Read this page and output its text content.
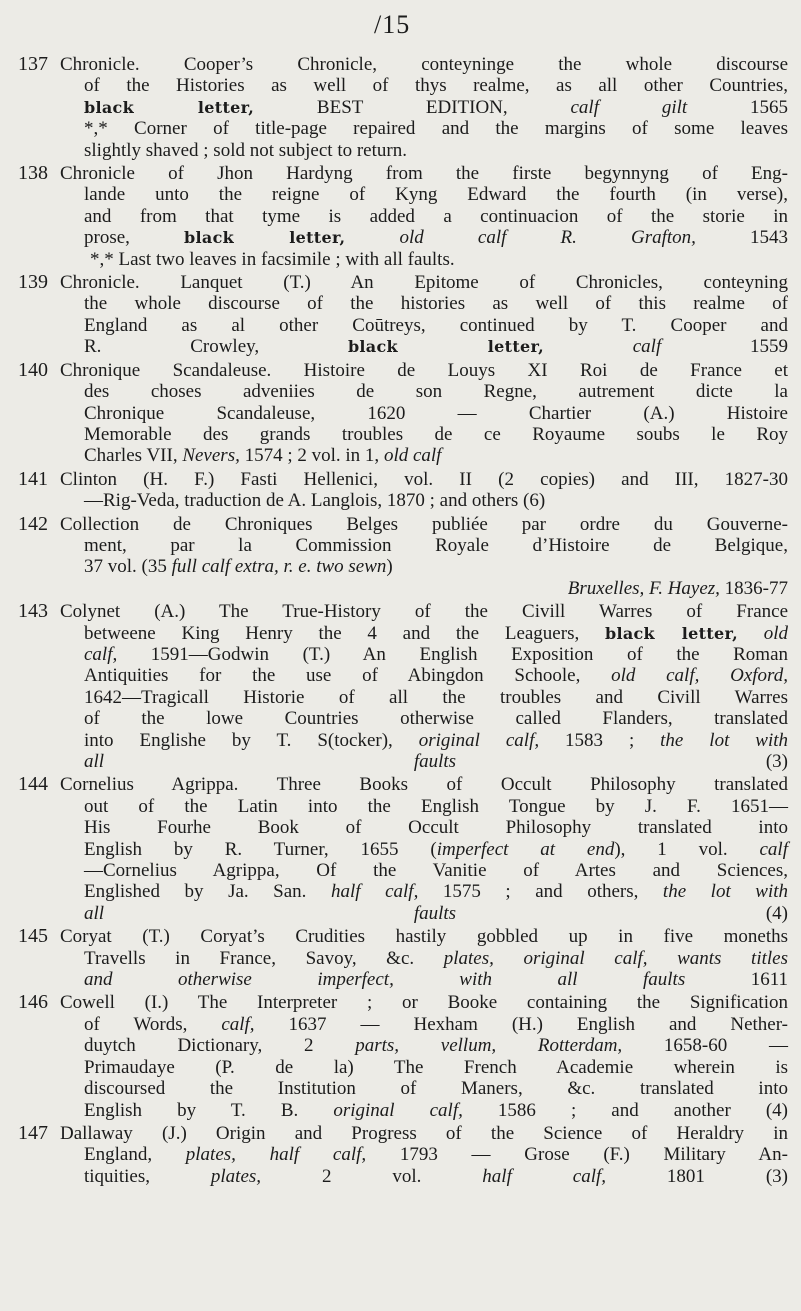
/15
137 Chronicle. Cooper’s Chronicle, conteyninge the whole discourse
of the Histories as well of thys realme, as all other Countries,
black letter, BEST EDITION, calf gilt 1565
*,* Corner of title-page repaired and the margins of some leaves
slightly shaved ; sold not subject to return.
138 Chronicle of Jhon Hardyng from the firste begynnyng of Eng-
lande unto the reigne of Kyng Edward the fourth (in verse),
and from that tyme is added a continuacion of the storie in
prose, black letter,	old calf	R. Grafton, 1543
*,* Last two leaves in facsimile ; with all faults.
139 Chronicle. Lanquet (T.) An Epitome of Chronicles, conteyning
the whole discourse of the histories as well of this realme of
England as al other Coūtreys, continued by T. Cooper and
R. Crowley, black letter,	calf 1559
140 Chronique Scandaleuse. Histoire de Louys XI Roi de France et
des choses adveniies de son Regne, autrement dicte la
Chronique Scandaleuse, 1620 — Chartier (A.) Histoire
Memorable des grands troubles de ce Royaume soubs le Roy
Charles VII, Nevers, 1574 ; 2 vol. in 1, old calf
141 Clinton (H. F.) Fasti Hellenici, vol. II (2 copies) and III, 1827-30
—Rig-Veda, traduction de A. Langlois, 1870 ; and others (6)
142 Collection de Chroniques Belges publiée par ordre du Gouverne-
ment, par la Commission Royale d’Histoire de Belgique,
37 vol. (35 full calf extra, r. e. two sewn)
Bruxelles, F. Hayez, 1836-77
143 Colynet (A.) The True-History of the Civill Warres of France
betweene King Henry the 4 and the Leaguers, black letter, old
calf, 1591—Godwin (T.) An English Exposition of the Roman
Antiquities for the use of Abingdon Schoole, old calf, Oxford,
1642—Tragicall Historie of all the troubles and Civill Warres
of the lowe Countries otherwise called Flanders, translated
into Englishe by T. S(tocker), original calf, 1583 ; the lot with
all faults (3)
144 Cornelius Agrippa. Three Books of Occult Philosophy translated
out of the Latin into the English Tongue by J. F. 1651—
His Fourhe Book of Occult Philosophy translated into
English by R. Turner, 1655 (imperfect at end), 1 vol. calf
—Cornelius Agrippa, Of the Vanitie of Artes and Sciences,
Englished by Ja. San. half calf, 1575 ; and others, the lot with
all faults (4)
145 Coryat (T.) Coryat’s Crudities hastily gobbled up in five moneths
Travells in France, Savoy, &c. plates, original calf, wants titles
and otherwise imperfect, with all faults 1611
146 Cowell (I.) The Interpreter ; or Booke containing the Signification
of Words, calf, 1637 — Hexham (H.) English and Nether-
duytch Dictionary, 2 parts, vellum, Rotterdam, 1658-60 —
Primaudaye (P. de la) The French Academie wherein is
discoursed the Institution of Maners, &c. translated into
English by T. B. original calf, 1586 ; and another (4)
147 Dallaway (J.) Origin and Progress of the Science of Heraldry in
England, plates, half calf, 1793 — Grose (F.) Military An-
tiquities, plates, 2 vol. half calf, 1801 (3)
